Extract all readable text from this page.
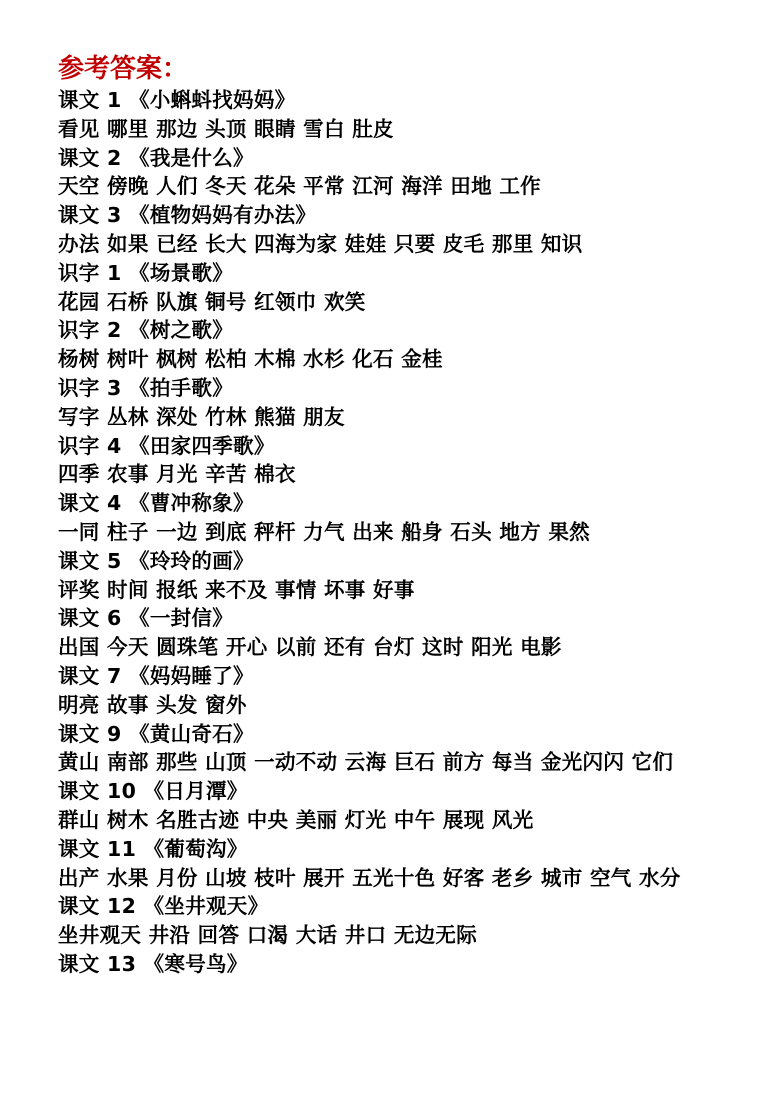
参考答案：
课文 1 《小蝌蚪找妈妈》
看见 哪里 那边 头顶 眼睛 雪白 肚皮
课文 2 《我是什么》
天空 傍晚 人们 冬天 花朵 平常 江河 海洋 田地 工作
课文 3 《植物妈妈有办法》
办法 如果 已经 长大 四海为家 娃娃 只要 皮毛 那里 知识
识字 1 《场景歌》
花园 石桥 队旗 铜号 红领巾 欢笑
识字 2 《树之歌》
杨树 树叶 枫树 松柏 木棉 水杉 化石 金桂
识字 3 《拍手歌》
写字 丛林 深处 竹林 熊猫 朋友
识字 4 《田家四季歌》
四季 农事 月光 辛苦 棉衣
课文 4 《曹冲称象》
一同 柱子 一边 到底 秤杆 力气 出来 船身 石头 地方 果然
课文 5 《玲玲的画》
评奖 时间 报纸 来不及 事情 坏事 好事
课文 6 《一封信》
出国 今天 圆珠笔 开心 以前 还有 台灯 这时 阳光 电影
课文 7 《妈妈睡了》
明亮 故事 头发 窗外
课文 9 《黄山奇石》
黄山 南部 那些 山顶 一动不动 云海 巨石 前方 每当 金光闪闪 它们
课文 10 《日月潭》
群山 树木 名胜古迹 中央 美丽 灯光 中午 展现 风光
课文 11 《葡萄沟》
出产 水果 月份 山坡 枝叶 展开 五光十色 好客 老乡 城市 空气 水分
课文 12 《坐井观天》
坐井观天 井沿 回答 口渴 大话 井口 无边无际
课文 13 《寒号鸟》
